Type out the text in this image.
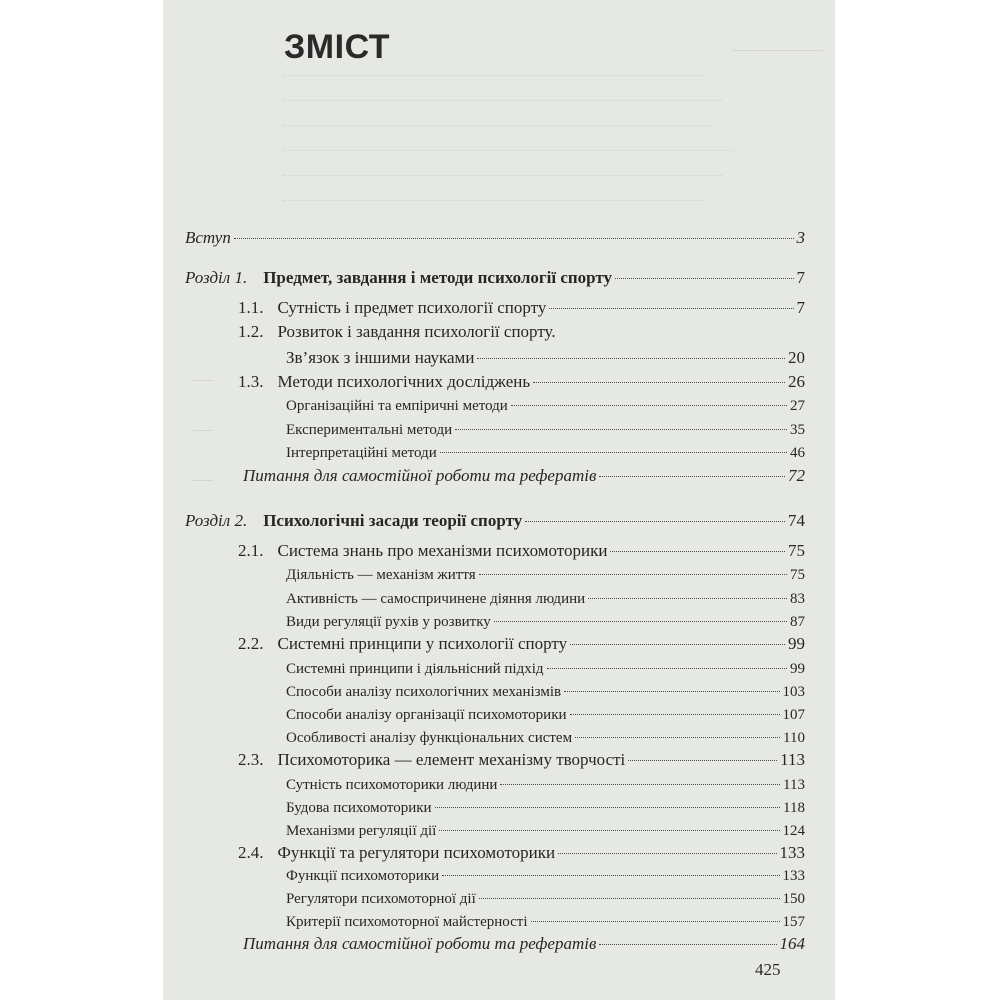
ЗМІСТ
Вступ	3
Розділ 1. Предмет, завдання і методи психології спорту	7
1.1. Сутність і предмет психології спорту	7
1.2. Розвиток і завдання психології спорту.
Зв’язок з іншими науками	20
1.3. Методи психологічних досліджень	26
Організаційні та емпіричні методи	27
Експериментальні методи	35
Інтерпретаційні методи	46
Питання для самостійної роботи та рефератів	72
Розділ 2. Психологічні засади теорії спорту	74
2.1. Система знань про механізми психомоторики	75
Діяльність — механізм життя	75
Активність — самоспричинене діяння людини	83
Види регуляції рухів у розвитку	87
2.2. Системні принципи у психології спорту	99
Системні принципи і діяльнісний підхід	99
Способи аналізу психологічних механізмів	103
Способи аналізу організації психомоторики	107
Особливості аналізу функціональних систем	110
2.3. Психомоторика — елемент механізму творчості	113
Сутність психомоторики людини	113
Будова психомоторики	118
Механізми регуляції дії	124
2.4. Функції та регулятори психомоторики	133
Функції психомоторики	133
Регулятори психомоторної дії	150
Критерії психомоторної майстерності	157
Питання для самостійної роботи та рефератів	164
425
